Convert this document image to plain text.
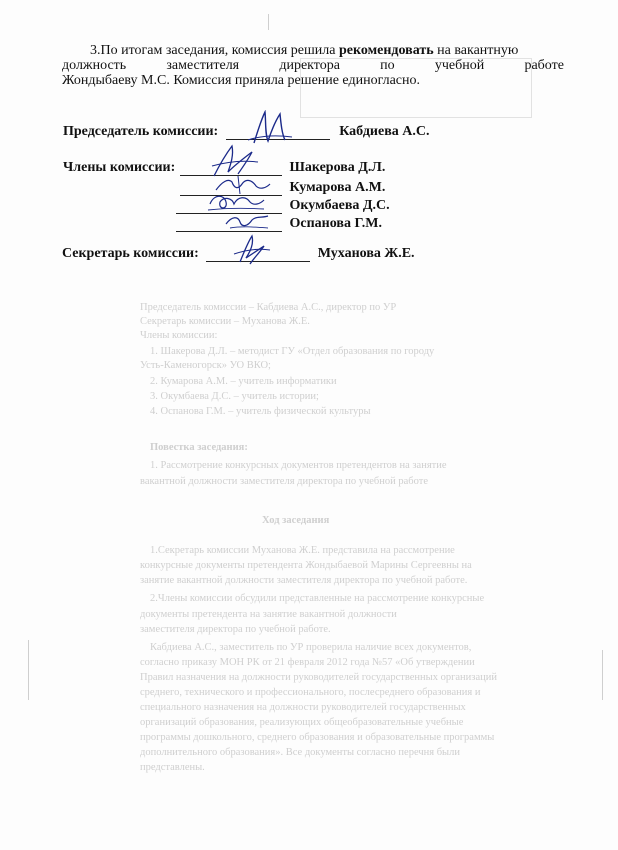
Председатель комиссии – Кабдиева А.С., директор по УР
Секретарь комиссии – Муханова Ж.Е.
Члены комиссии:
1. Шакерова Д.Л. – методист ГУ «Отдел образования по городу
Усть-Каменогорск» УО ВКО;
2. Кумарова А.М. – учитель информатики
3. Окумбаева Д.С. – учитель истории;
4. Оспанова Г.М. – учитель физической культуры
Повестка заседания:
1. Рассмотрение конкурсных документов претендентов на занятие
вакантной должности заместителя директора по учебной работе
Ход заседания
1.Секретарь комиссии Муханова Ж.Е. представила на рассмотрение
конкурсные документы претендента Жондыбаевой Марины Сергеевны на
занятие вакантной должности заместителя директора по учебной работе.
2.Члены комиссии обсудили представленные на рассмотрение конкурсные
документы претендента на занятие вакантной должности
заместителя директора по учебной работе.
Кабдиева А.С., заместитель по УР проверила наличие всех документов,
согласно приказу МОН РК от 21 февраля 2012 года №57 «Об утверждении
Правил назначения на должности руководителей государственных организаций
среднего, технического и профессионального, послесреднего образования и
специального назначения на должности руководителей государственных
организаций образования, реализующих общеобразовательные учебные
программы дошкольного, среднего образования и образовательные программы
дополнительного образования». Все документы согласно перечня были
представлены.
3.По итогам заседания, комиссия решила рекомендовать на вакантную
должность	заместителя	директора	по	учебной	работе
Жондыбаеву М.С. Комиссия приняла решение единогласно.
Председатель комиссии:	Кабдиева А.С.
Члены комиссии:	Шакерова Д.Л.
Кумарова А.М.
Окумбаева Д.С.
Оспанова Г.М.
Секретарь комиссии:	Муханова Ж.Е.
